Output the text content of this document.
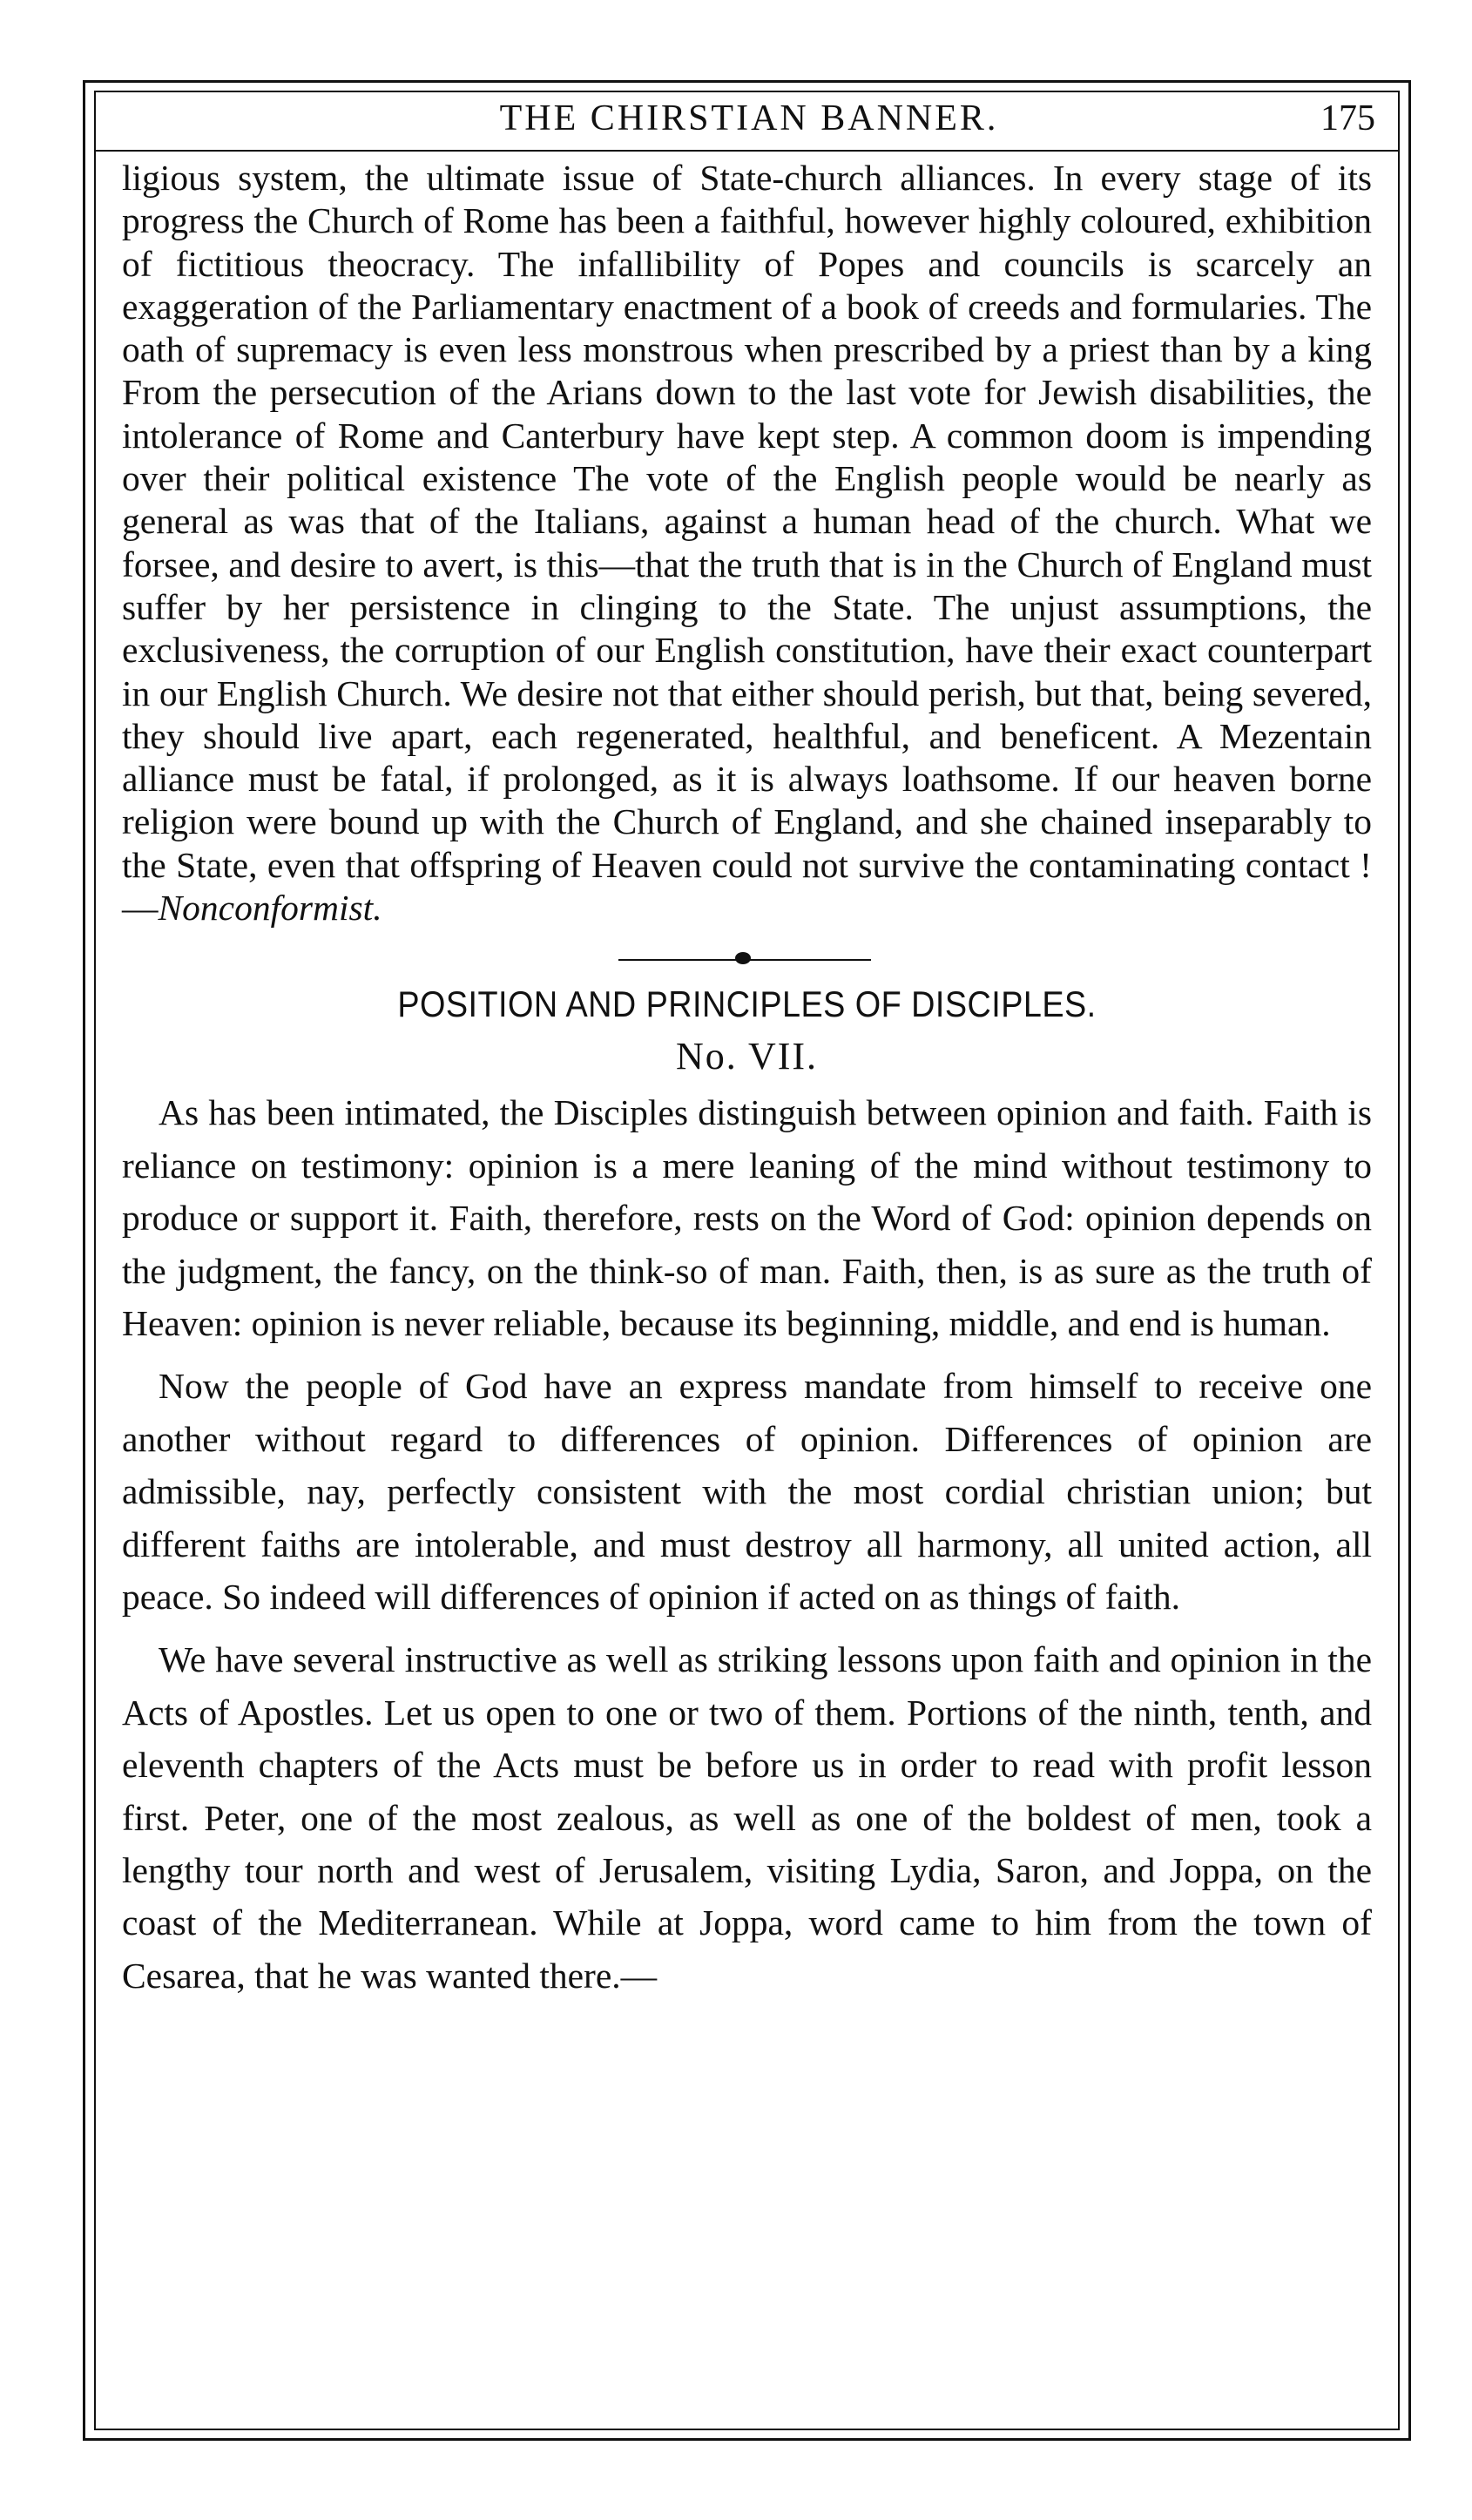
THE CHIRSTIAN BANNER.	175

ligious system, the ultimate issue of State-church alliances. In every stage of its progress the Church of Rome has been a faithful, however highly coloured, exhibition of fictitious theocracy. The infallibility of Popes and councils is scarcely an exaggeration of the Parliamentary enactment of a book of creeds and formularies. The oath of supremacy is even less monstrous when prescribed by a priest than by a king From the persecution of the Arians down to the last vote for Jewish disabilities, the intolerance of Rome and Canterbury have kept step. A common doom is impending over their political existence The vote of the English people would be nearly as general as was that of the Italians, against a human head of the church. What we forsee, and desire to avert, is this—that the truth that is in the Church of England must suffer by her persistence in clinging to the State. The unjust assumptions, the exclusiveness, the corruption of our English constitution, have their exact counterpart in our English Church. We desire not that either should perish, but that, being severed, they should live apart, each regenerated, healthful, and beneficent. A Mezentain alliance must be fatal, if prolonged, as it is always loathsome. If our heaven borne religion were bound up with the Church of England, and she chained inseparably to the State, even that offspring of Heaven could not survive the contaminating contact !—Nonconformist.

POSITION AND PRINCIPLES OF DISCIPLES.
No. VII.

As has been intimated, the Disciples distinguish between opinion and faith. Faith is reliance on testimony: opinion is a mere leaning of the mind without testimony to produce or support it. Faith, therefore, rests on the Word of God: opinion depends on the judgment, the fancy, on the think-so of man. Faith, then, is as sure as the truth of Heaven: opinion is never reliable, because its beginning, middle, and end is human.

Now the people of God have an express mandate from himself to receive one another without regard to differences of opinion. Differences of opinion are admissible, nay, perfectly consistent with the most cordial christian union; but different faiths are intolerable, and must destroy all harmony, all united action, all peace. So indeed will differences of opinion if acted on as things of faith.

We have several instructive as well as striking lessons upon faith and opinion in the Acts of Apostles. Let us open to one or two of them. Portions of the ninth, tenth, and eleventh chapters of the Acts must be before us in order to read with profit lesson first. Peter, one of the most zealous, as well as one of the boldest of men, took a lengthy tour north and west of Jerusalem, visiting Lydia, Saron, and Joppa, on the coast of the Mediterranean. While at Joppa, word came to him from the town of Cesarea, that he was wanted there.—
